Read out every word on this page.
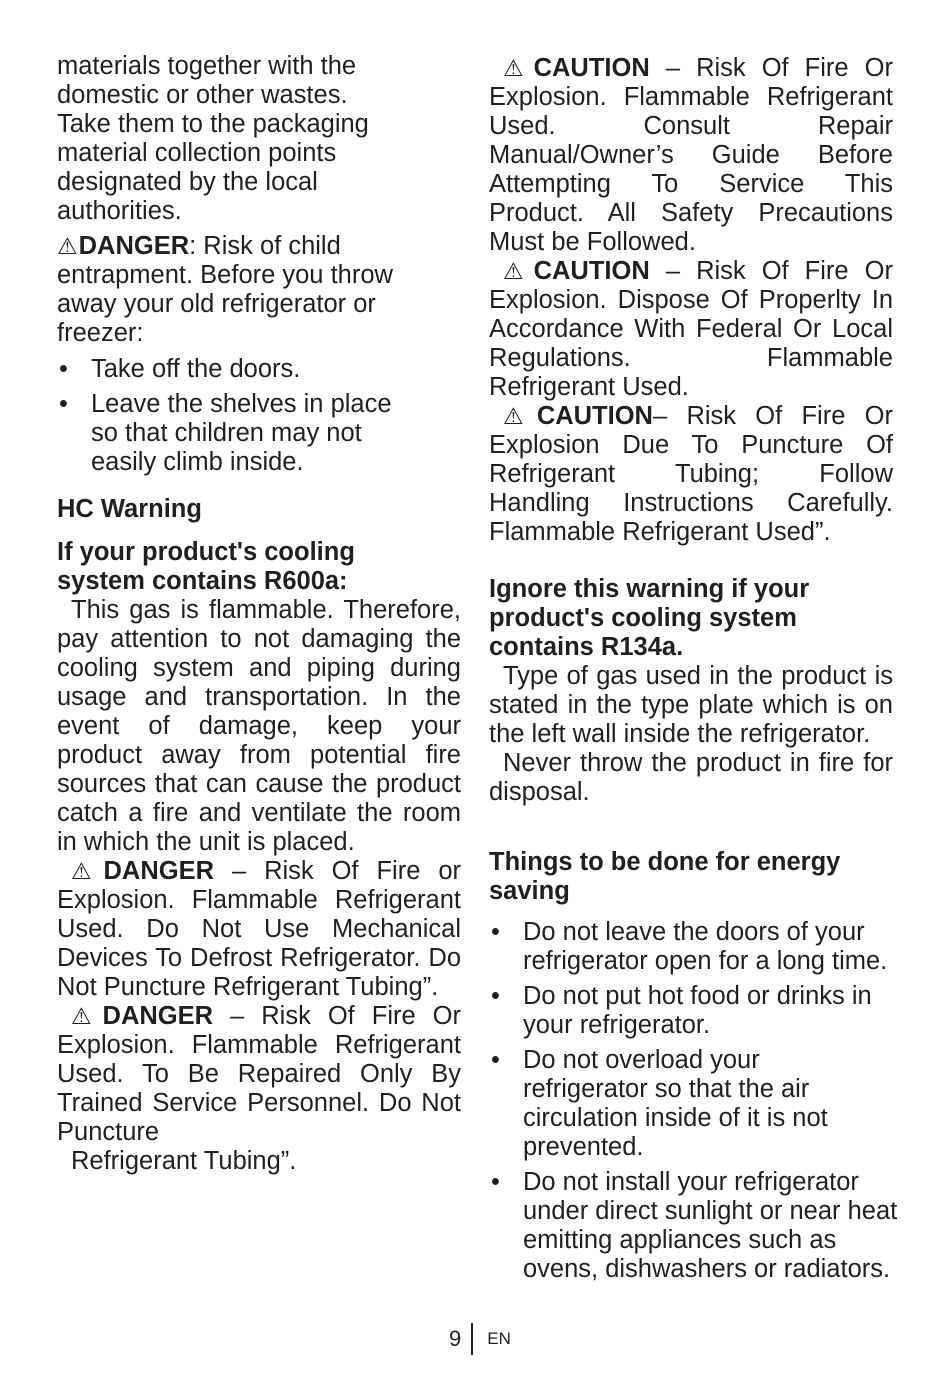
materials together with the domestic or other wastes. Take them to the packaging material collection points designated by the local authorities.

⚠DANGER: Risk of child entrapment. Before you throw away your old refrigerator or freezer:

• Take off the doors.
• Leave the shelves in place so that children may not easily climb inside.

HC Warning

If your product's cooling system contains R600a:

This gas is flammable. Therefore, pay attention to not damaging the cooling system and piping during usage and transportation. In the event of damage, keep your product away from potential fire sources that can cause the product catch a fire and ventilate the room in which the unit is placed.

⚠DANGER – Risk Of Fire or Explosion. Flammable Refrigerant Used. Do Not Use Mechanical Devices To Defrost Refrigerator. Do Not Puncture Refrigerant Tubing”.

⚠DANGER – Risk Of Fire Or Explosion. Flammable Refrigerant Used. To Be Repaired Only By Trained Service Personnel. Do Not Puncture

Refrigerant Tubing”.

⚠CAUTION – Risk Of Fire Or Explosion. Flammable Refrigerant Used. Consult Repair Manual/Owner’s Guide Before Attempting To Service This Product. All Safety Precautions Must be Followed.

⚠CAUTION – Risk Of Fire Or Explosion. Dispose Of Properlty In Accordance With Federal Or Local Regulations. Flammable Refrigerant Used.

⚠CAUTION– Risk Of Fire Or Explosion Due To Puncture Of Refrigerant Tubing; Follow Handling Instructions Carefully. Flammable Refrigerant Used”.

Ignore this warning if your product's cooling system contains R134a.

Type of gas used in the product is stated in the type plate which is on the left wall inside the refrigerator.

Never throw the product in fire for disposal.

Things to be done for energy saving

• Do not leave the doors of your refrigerator open for a long time.
• Do not put hot food or drinks in your refrigerator.
• Do not overload your refrigerator so that the air circulation inside of it is not prevented.
• Do not install your refrigerator under direct sunlight or near heat emitting appliances such as ovens, dishwashers or radiators.
9 EN
